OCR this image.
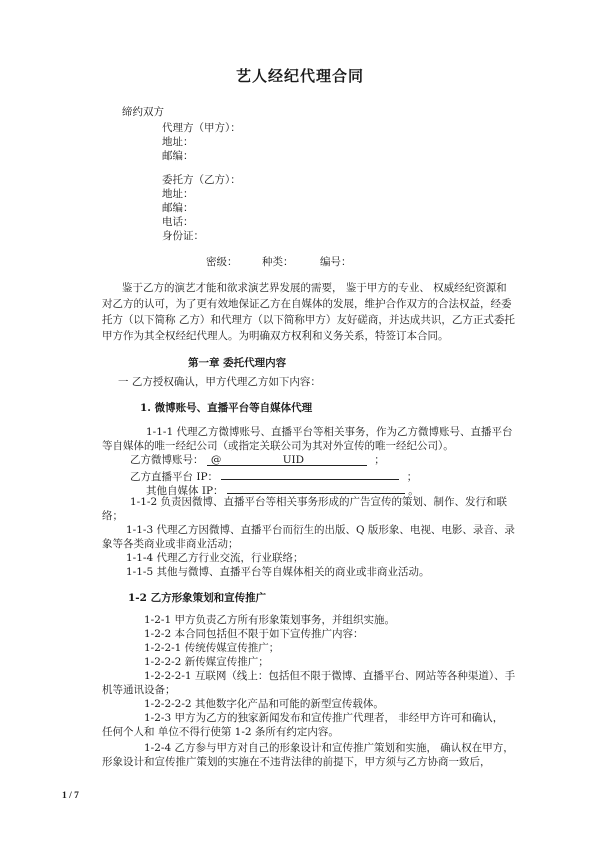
艺人经纪代理合同
缔约双方
代理方（甲方）：
地址：
邮编：
委托方（乙方）：
地址：
邮编：
电话：
身份证：
密级： 种类：	编号：
鉴于乙方的演艺才能和欲求演艺界发展的需要， 鉴于甲方的专业、 权威经纪资源和
对乙方的认可，为了更有效地保证乙方在自媒体的发展，维护合作双方的合法权益，经委
托方（以下简称 乙方）和代理方（以下简称甲方）友好磋商，并达成共识，乙方正式委托
甲方作为其全权经纪代理人。为明确双方权利和义务关系，特签订本合同。
第一章 委托代理内容
一 乙方授权确认，甲方代理乙方如下内容：
1. 微博账号、直播平台等自媒体代理
1-1-1 代理乙方微博账号、直播平台等相关事务，作为乙方微博账号、直播平台
等自媒体的唯一经纪公司（或指定关联公司为其对外宣传的唯一经纪公司）。
乙方微博账号： @	UID	；
乙方直播平台 IP：	；
其他自媒体 IP：	。
1-1-2 负责因微博、直播平台等相关事务形成的广告宣传的策划、制作、发行和联
络；
1-1-3 代理乙方因微博、直播平台而衍生的出版、Q 版形象、电视、电影、录音、录
象等各类商业或非商业活动；
1-1-4 代理乙方行业交流，行业联络；
1-1-5 其他与微博、直播平台等自媒体相关的商业或非商业活动。
1-2 乙方形象策划和宣传推广
1-2-1 甲方负责乙方所有形象策划事务，并组织实施。
1-2-2 本合同包括但不限于如下宣传推广内容：
1-2-2-1 传统传媒宣传推广；
1-2-2-2 新传媒宣传推广；
1-2-2-2-1 互联网（线上：包括但不限于微博、直播平台、网站等各种渠道）、手
机等通讯设备；
1-2-2-2-2 其他数字化产品和可能的新型宣传载体。
1-2-3 甲方为乙方的独家新闻发布和宣传推广代理者， 非经甲方许可和确认，
任何个人和 单位不得行使第 1-2 条所有约定内容。
1-2-4 乙方参与甲方对自己的形象设计和宣传推广策划和实施， 确认权在甲方，
形象设计和宣传推广策划的实施在不违背法律的前提下，甲方须与乙方协商一致后，
1 / 7
